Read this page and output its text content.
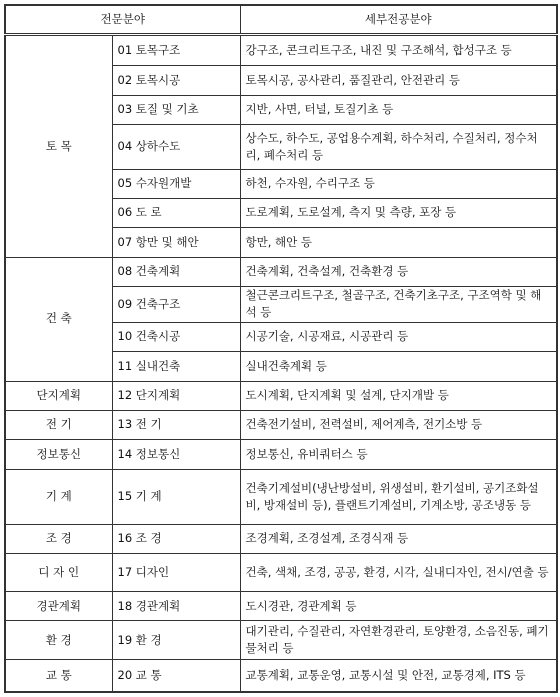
전문분야		세부전공분야
토 목	01 토목구조	강구조, 콘크리트구조, 내진 및 구조해석, 합성구조 등
	02 토목시공	토목시공, 공사관리, 품질관리, 안전관리 등
	03 토질 및 기초	지반, 사면, 터널, 토질기초 등
	04 상하수도	상수도, 하수도, 공업용수계획, 하수처리, 수질처리, 정수처리, 폐수처리 등
	05 수자원개발	하천, 수자원, 수리구조 등
	06 도 로	도로계획, 도로설계, 측지 및 측량, 포장 등
	07 항만 및 해안	항만, 해안 등
건 축	08 건축계획	건축계획, 건축설계, 건축환경 등
	09 건축구조	철근콘크리트구조, 철골구조, 건축기초구조, 구조역학 및 해석 등
	10 건축시공	시공기술, 시공재료, 시공관리 등
	11 실내건축	실내건축계획 등
단지계획	12 단지계획	도시계획, 단지계획 및 설계, 단지개발 등
전 기	13 전 기	건축전기설비, 전력설비, 제어계측, 전기소방 등
정보통신	14 정보통신	정보통신, 유비쿼터스 등
기 계	15 기 계	건축기계설비(냉난방설비, 위생설비, 환기설비, 공기조화설비, 방재설비 등), 플랜트기계설비, 기계소방, 공조냉동 등
조 경	16 조 경	조경계획, 조경설계, 조경식재 등
디 자 인	17 디자인	건축, 색채, 조경, 공공, 환경, 시각, 실내디자인, 전시/연출 등
경관계획	18 경관계획	도시경관, 경관계획 등
환 경	19 환 경	대기관리, 수질관리, 자연환경관리, 토양환경, 소음진동, 폐기물처리 등
교 통	20 교 통	교통계획, 교통운영, 교통시설 및 안전, 교통경제, ITS 등
